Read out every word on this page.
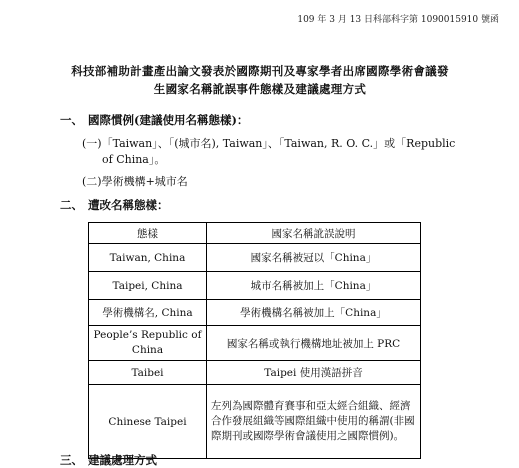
109 年 3 月 13 日科部科字第 1090015910 號函
科技部補助計畫產出論文發表於國際期刊及專家學者出席國際學術會議發
生國家名稱訛誤事件態樣及建議處理方式
一、 國際慣例(建議使用名稱態樣)：
(一)「Taiwan」、「(城市名), Taiwan」、「Taiwan, R. O. C.」或「Republic
of China」。
(二)學術機構+城市名
二、 遭改名稱態樣：
態樣	國家名稱訛誤說明
Taiwan, China	國家名稱被冠以「China」
Taipei, China	城市名稱被加上「China」
學術機構名, China	學術機構名稱被加上「China」
People’s Republic of China	國家名稱或執行機構地址被加上 PRC
Taibei	Taipei 使用漢語拼音
Chinese Taipei	左列為國際體育賽事和亞太經合組織、經濟合作發展組織等國際組織中使用的稱謂(非國際期刊或國際學術會議使用之國際慣例)。
三、 建議處理方式
